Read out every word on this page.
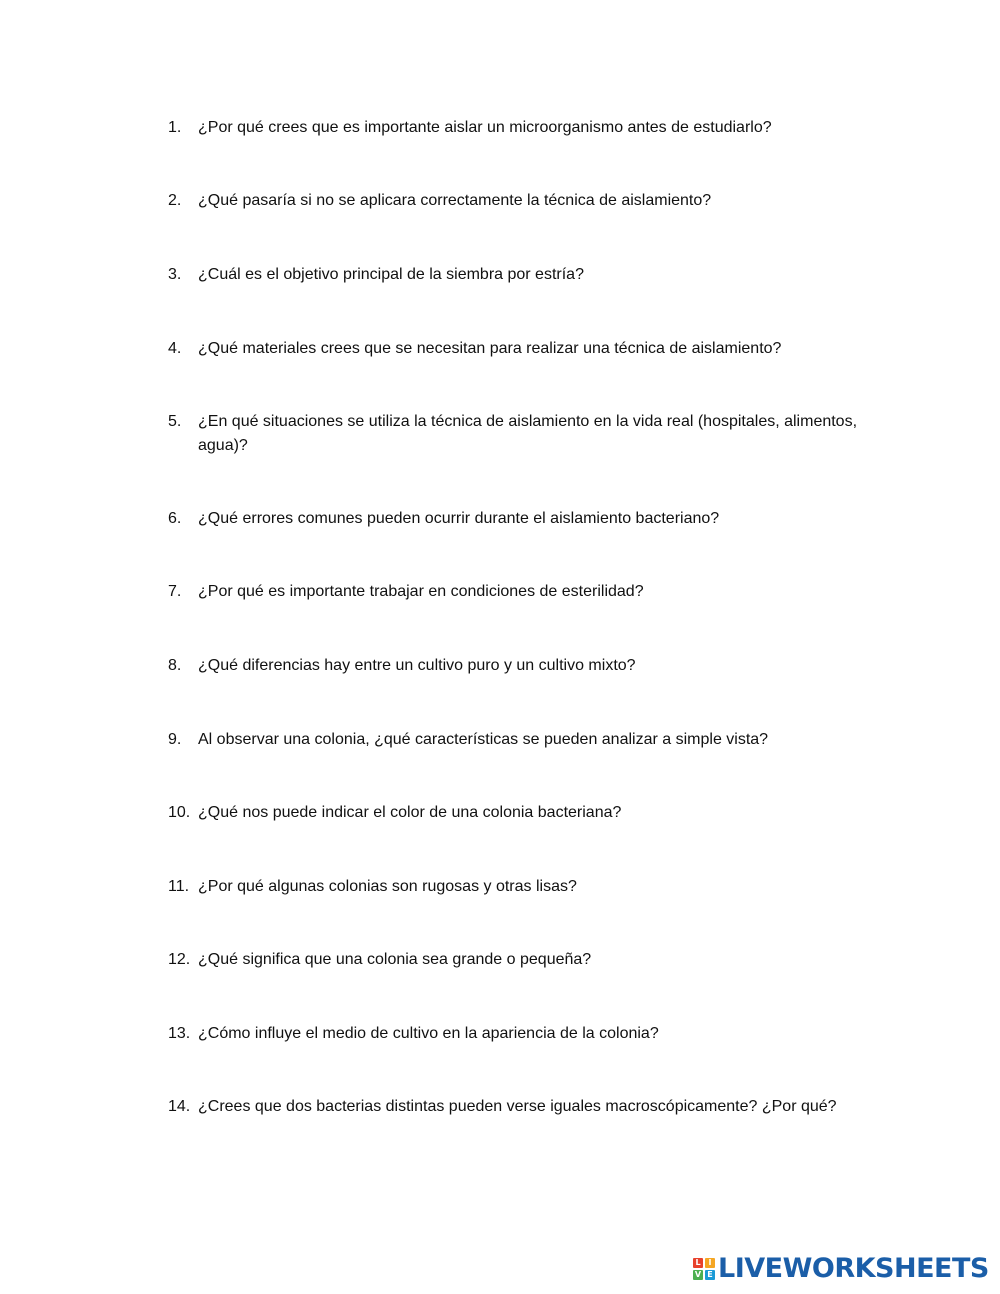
1.	¿Por qué crees que es importante aislar un microorganismo antes de estudiarlo?
2.	¿Qué pasaría si no se aplicara correctamente la técnica de aislamiento?
3.	¿Cuál es el objetivo principal de la siembra por estría?
4.	¿Qué materiales crees que se necesitan para realizar una técnica de aislamiento?
5.	¿En qué situaciones se utiliza la técnica de aislamiento en la vida real (hospitales, alimentos, agua)?
6.	¿Qué errores comunes pueden ocurrir durante el aislamiento bacteriano?
7.	¿Por qué es importante trabajar en condiciones de esterilidad?
8.	¿Qué diferencias hay entre un cultivo puro y un cultivo mixto?
9.	Al observar una colonia, ¿qué características se pueden analizar a simple vista?
10. ¿Qué nos puede indicar el color de una colonia bacteriana?
11. ¿Por qué algunas colonias son rugosas y otras lisas?
12. ¿Qué significa que una colonia sea grande o pequeña?
13. ¿Cómo influye el medio de cultivo en la apariencia de la colonia?
14. ¿Crees que dos bacterias distintas pueden verse iguales macroscópicamente? ¿Por qué?
L I
V E LIVEWORKSHEETS
